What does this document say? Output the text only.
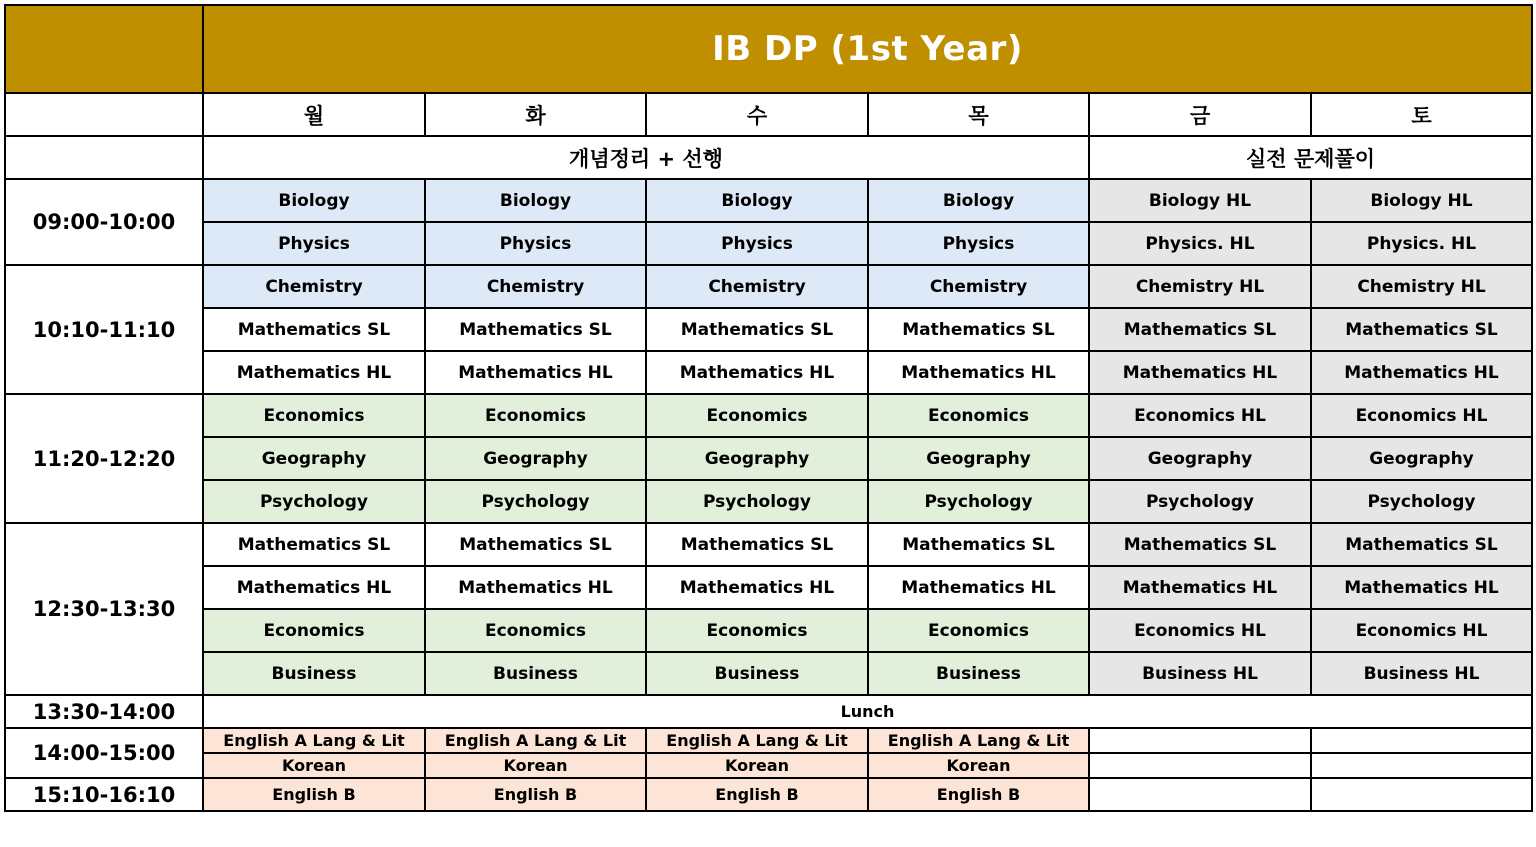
	IB DP (1st Year)					
	월	화	수	목	금	토
	개념정리 + 선행				실전 문제풀이	
09:00-10:00	Biology	Biology	Biology	Biology	Biology HL	Biology HL
	Physics	Physics	Physics	Physics	Physics. HL	Physics. HL
10:10-11:10	Chemistry	Chemistry	Chemistry	Chemistry	Chemistry HL	Chemistry HL
	Mathematics SL	Mathematics SL	Mathematics SL	Mathematics SL	Mathematics SL	Mathematics SL
	Mathematics HL	Mathematics HL	Mathematics HL	Mathematics HL	Mathematics HL	Mathematics HL
11:20-12:20	Economics	Economics	Economics	Economics	Economics HL	Economics HL
	Geography	Geography	Geography	Geography	Geography	Geography
	Psychology	Psychology	Psychology	Psychology	Psychology	Psychology
12:30-13:30	Mathematics SL	Mathematics SL	Mathematics SL	Mathematics SL	Mathematics SL	Mathematics SL
	Mathematics HL	Mathematics HL	Mathematics HL	Mathematics HL	Mathematics HL	Mathematics HL
	Economics	Economics	Economics	Economics	Economics HL	Economics HL
	Business	Business	Business	Business	Business HL	Business HL
13:30-14:00	Lunch					
14:00-15:00	English A Lang & Lit	English A Lang & Lit	English A Lang & Lit	English A Lang & Lit		
	Korean	Korean	Korean	Korean		
15:10-16:10	English B	English B	English B	English B		
